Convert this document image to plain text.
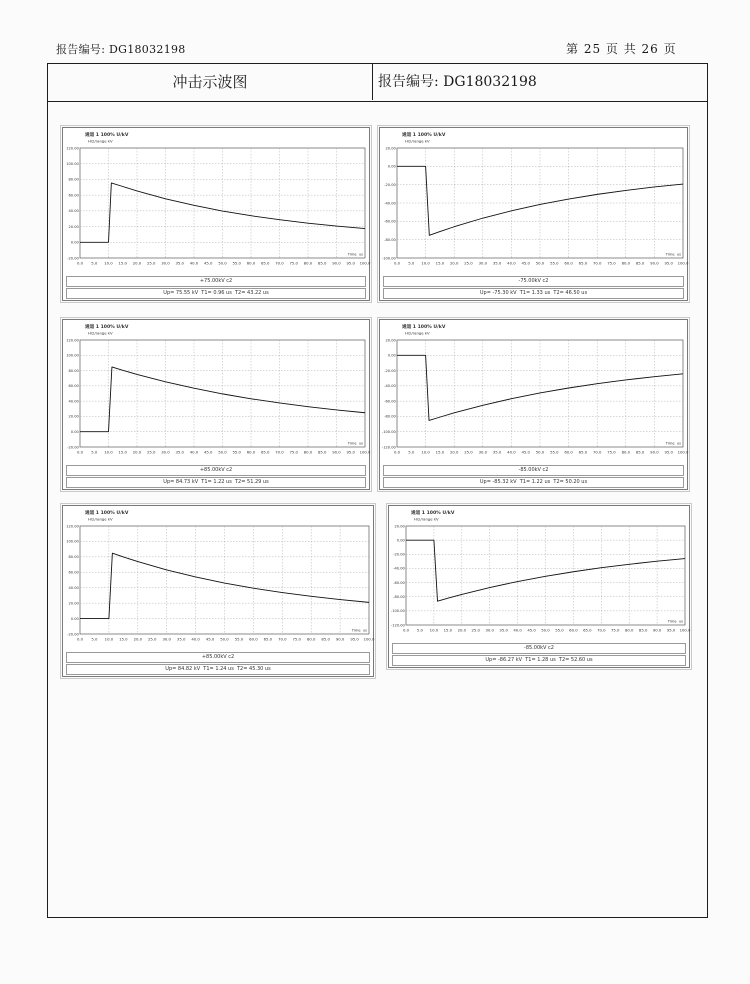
报告编号: DG18032198	第 25 页 共 26 页
冲击示波图	报告编号: DG18032198
120.00
100.00
80.00
60.00
40.00
20.00
0.00
-20.00
0.0 5.0 10.0 15.0 20.0 25.0 30.0 35.0 40.0 45.0 50.0 55.0 60.0 65.0 70.0 75.0 80.0 85.0 90.0 95.0 100.0
通道 1 100% U/kV
Hi2/range kV
Time  us
+75.00kV c2
Up= 75.55 kV  T1= 0.96 us  T2= 43.22 us
20.00
0.00
-20.00
-40.00
-60.00
-80.00
-100.00
0.0 5.0 10.0 15.0 20.0 25.0 30.0 35.0 40.0 45.0 50.0 55.0 60.0 65.0 70.0 75.0 80.0 85.0 90.0 95.0 100.0
通道 1 100% U/kV
Hi2/range kV
Time  us
-75.00kV c2
Up= -75.30 kV  T1= 1.33 us  T2= 46.50 us
120.00
100.00
80.00
60.00
40.00
20.00
0.00
-20.00
0.0 5.0 10.0 15.0 20.0 25.0 30.0 35.0 40.0 45.0 50.0 55.0 60.0 65.0 70.0 75.0 80.0 85.0 90.0 95.0 100.0
通道 1 100% U/kV
Hi2/range kV
Time  us
+85.00kV c2
Up= 84.73 kV  T1= 1.22 us  T2= 51.29 us
20.00
0.00
-20.00
-40.00
-60.00
-80.00
-100.00
-120.00
0.0 5.0 10.0 15.0 20.0 25.0 30.0 35.0 40.0 45.0 50.0 55.0 60.0 65.0 70.0 75.0 80.0 85.0 90.0 95.0 100.0
通道 1 100% U/kV
Hi2/range kV
Time  us
-85.00kV c2
Up= -85.32 kV  T1= 1.22 us  T2= 50.20 us
120.00
100.00
80.00
60.00
40.00
20.00
0.00
-20.00
0.0 5.0 10.0 15.0 20.0 25.0 30.0 35.0 40.0 45.0 50.0 55.0 60.0 65.0 70.0 75.0 80.0 85.0 90.0 95.0 100.0
通道 1 100% U/kV
Hi2/range kV
Time  us
+85.00kV c2
Up= 84.82 kV  T1= 1.24 us  T2= 45.30 us
20.00
0.00
-20.00
-40.00
-60.00
-80.00
-100.00
-120.00
0.0 5.0 10.0 15.0 20.0 25.0 30.0 35.0 40.0 45.0 50.0 55.0 60.0 65.0 70.0 75.0 80.0 85.0 90.0 95.0 100.0
通道 1 100% U/kV
Hi2/range kV
Time  us
-85.00kV c2
Up= -86.27 kV  T1= 1.28 us  T2= 52.60 us
